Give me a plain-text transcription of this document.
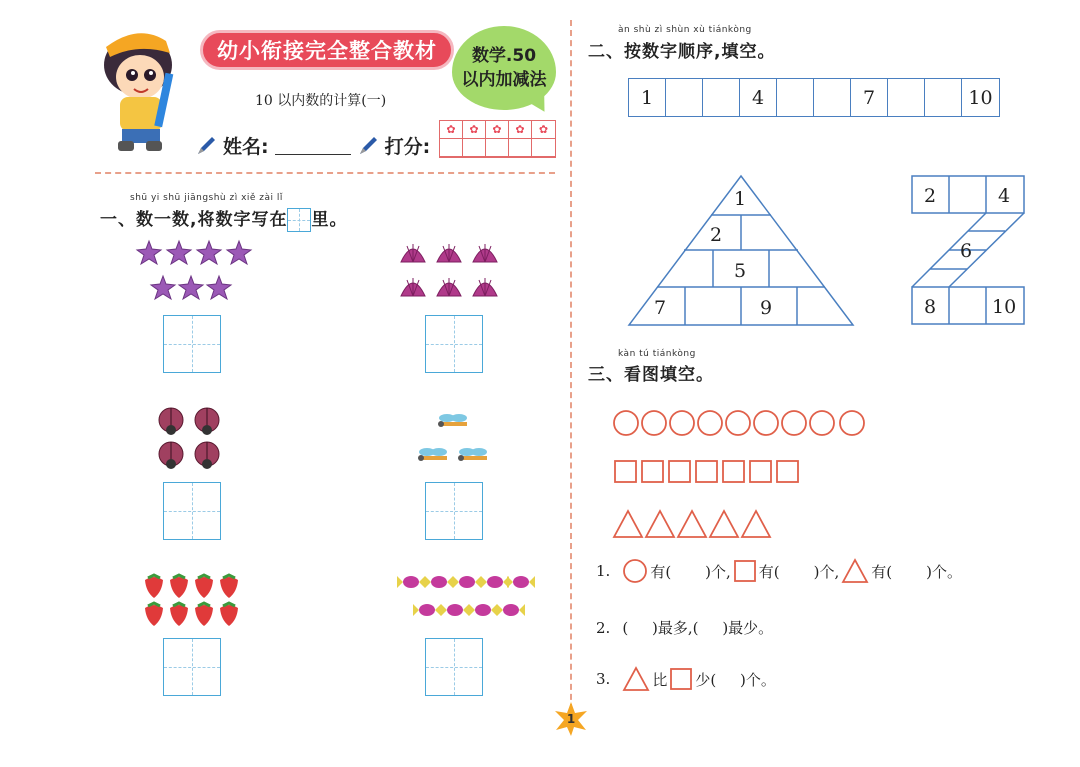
幼小衔接完全整合教材	数学.50
以内加减法
10 以内数的计算(一)
姓名:	打分:
✿	✿	✿	✿	✿
shū yi shū jiāngshù zì xiě zài lǐ
一、数一数,将数字写在 里。
àn shù zì shùn xù tiánkòng
二、按数字顺序,填空。
1	4	7	10
1
2
5
7	9
2	4
6
8	10
kàn tú tiánkòng
三、看图填空。
1.	有( )个, 有( )个, 有( )个。
2. (     )最多,(     )最少。
3.	比 少(     )个。
1
